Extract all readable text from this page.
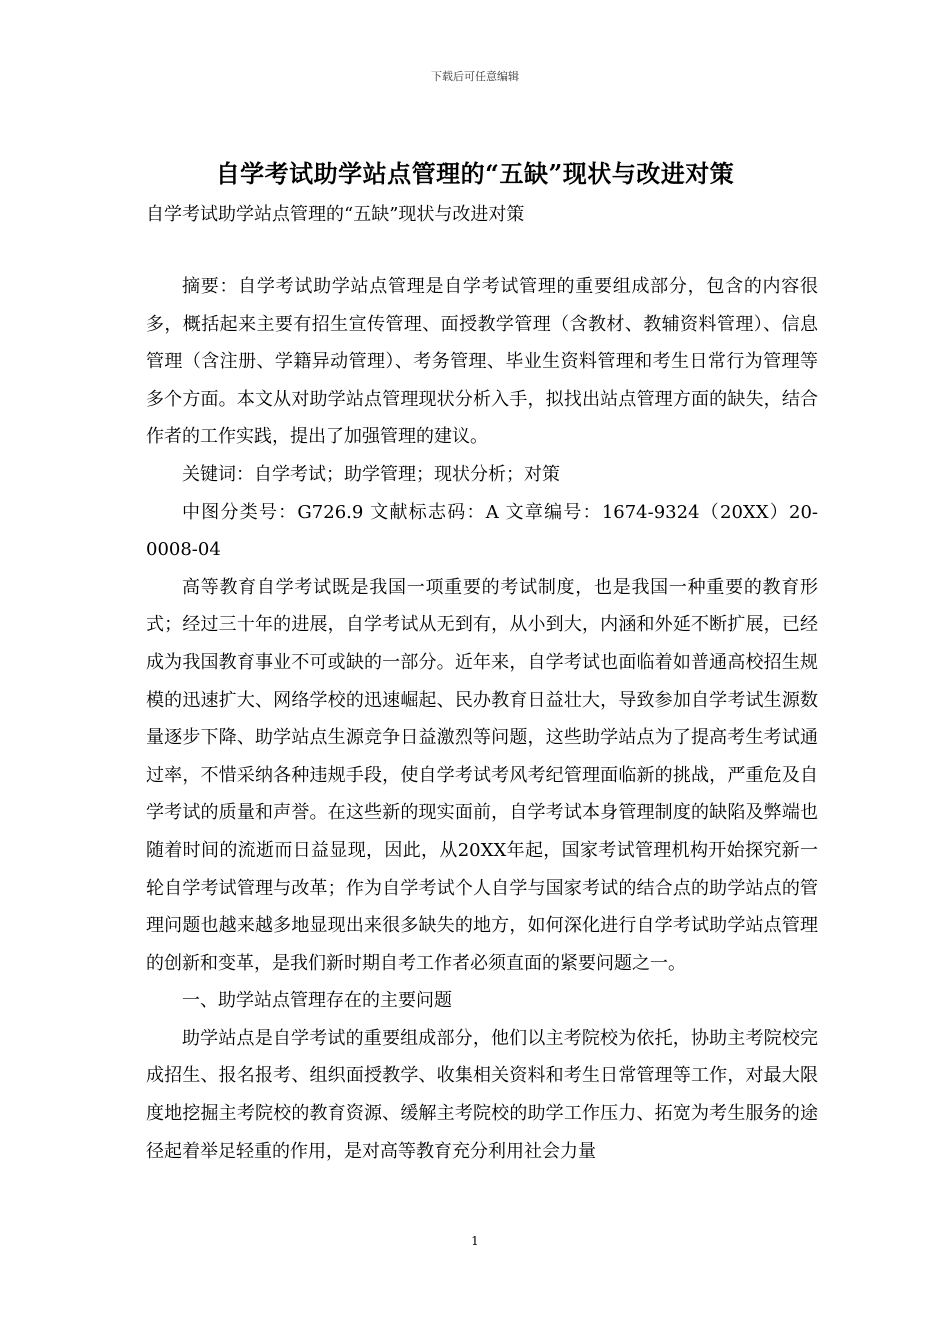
下载后可任意编辑
自学考试助学站点管理的“五缺”现状与改进对策
自学考试助学站点管理的“五缺”现状与改进对策

摘要：自学考试助学站点管理是自学考试管理的重要组成部分，包含的内容很多，概括起来主要有招生宣传管理、面授教学管理（含教材、教辅资料管理）、信息管理（含注册、学籍异动管理）、考务管理、毕业生资料管理和考生日常行为管理等多个方面。本文从对助学站点管理现状分析入手，拟找出站点管理方面的缺失，结合作者的工作实践，提出了加强管理的建议。

关键词：自学考试；助学管理；现状分析；对策

中图分类号：G726.9 文献标志码：A 文章编号：1674-9324（20XX）20-0008-04

高等教育自学考试既是我国一项重要的考试制度，也是我国一种重要的教育形式；经过三十年的进展，自学考试从无到有，从小到大，内涵和外延不断扩展，已经成为我国教育事业不可或缺的一部分。近年来，自学考试也面临着如普通高校招生规模的迅速扩大、网络学校的迅速崛起、民办教育日益壮大，导致参加自学考试生源数量逐步下降、助学站点生源竞争日益激烈等问题，这些助学站点为了提高考生考试通过率，不惜采纳各种违规手段，使自学考试考风考纪管理面临新的挑战，严重危及自学考试的质量和声誉。在这些新的现实面前，自学考试本身管理制度的缺陷及弊端也随着时间的流逝而日益显现，因此，从20XX年起，国家考试管理机构开始探究新一轮自学考试管理与改革；作为自学考试个人自学与国家考试的结合点的助学站点的管理问题也越来越多地显现出来很多缺失的地方，如何深化进行自学考试助学站点管理的创新和变革，是我们新时期自考工作者必须直面的紧要问题之一。

一、助学站点管理存在的主要问题

助学站点是自学考试的重要组成部分，他们以主考院校为依托，协助主考院校完成招生、报名报考、组织面授教学、收集相关资料和考生日常管理等工作，对最大限度地挖掘主考院校的教育资源、缓解主考院校的助学工作压力、拓宽为考生服务的途径起着举足轻重的作用，是对高等教育充分利用社会力量

1
